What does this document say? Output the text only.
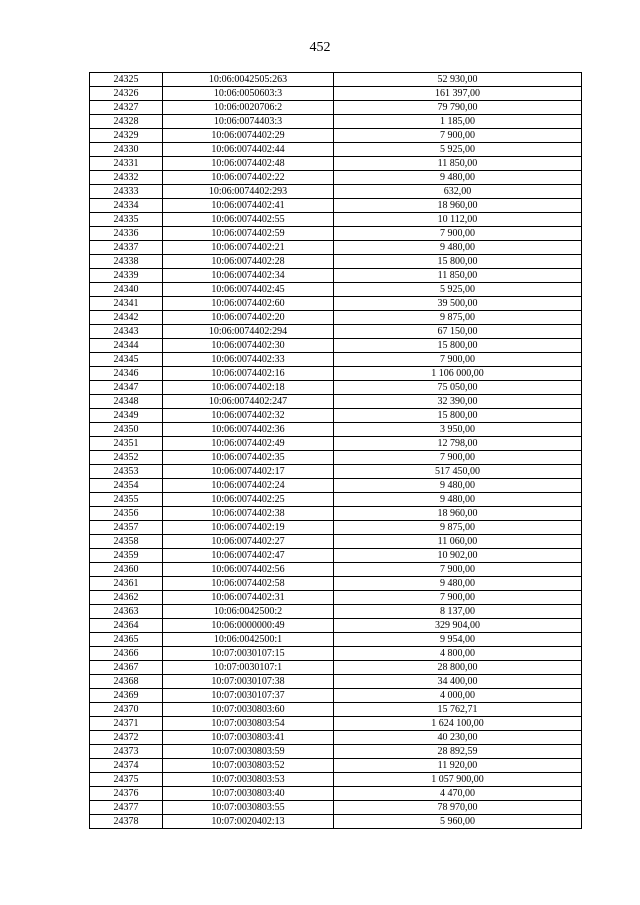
452
24325	10:06:0042505:263	52 930,00
24326	10:06:0050603:3	161 397,00
24327	10:06:0020706:2	79 790,00
24328	10:06:0074403:3	1 185,00
24329	10:06:0074402:29	7 900,00
24330	10:06:0074402:44	5 925,00
24331	10:06:0074402:48	11 850,00
24332	10:06:0074402:22	9 480,00
24333	10:06:0074402:293	632,00
24334	10:06:0074402:41	18 960,00
24335	10:06:0074402:55	10 112,00
24336	10:06:0074402:59	7 900,00
24337	10:06:0074402:21	9 480,00
24338	10:06:0074402:28	15 800,00
24339	10:06:0074402:34	11 850,00
24340	10:06:0074402:45	5 925,00
24341	10:06:0074402:60	39 500,00
24342	10:06:0074402:20	9 875,00
24343	10:06:0074402:294	67 150,00
24344	10:06:0074402:30	15 800,00
24345	10:06:0074402:33	7 900,00
24346	10:06:0074402:16	1 106 000,00
24347	10:06:0074402:18	75 050,00
24348	10:06:0074402:247	32 390,00
24349	10:06:0074402:32	15 800,00
24350	10:06:0074402:36	3 950,00
24351	10:06:0074402:49	12 798,00
24352	10:06:0074402:35	7 900,00
24353	10:06:0074402:17	517 450,00
24354	10:06:0074402:24	9 480,00
24355	10:06:0074402:25	9 480,00
24356	10:06:0074402:38	18 960,00
24357	10:06:0074402:19	9 875,00
24358	10:06:0074402:27	11 060,00
24359	10:06:0074402:47	10 902,00
24360	10:06:0074402:56	7 900,00
24361	10:06:0074402:58	9 480,00
24362	10:06:0074402:31	7 900,00
24363	10:06:0042500:2	8 137,00
24364	10:06:0000000:49	329 904,00
24365	10:06:0042500:1	9 954,00
24366	10:07:0030107:15	4 800,00
24367	10:07:0030107:1	28 800,00
24368	10:07:0030107:38	34 400,00
24369	10:07:0030107:37	4 000,00
24370	10:07:0030803:60	15 762,71
24371	10:07:0030803:54	1 624 100,00
24372	10:07:0030803:41	40 230,00
24373	10:07:0030803:59	28 892,59
24374	10:07:0030803:52	11 920,00
24375	10:07:0030803:53	1 057 900,00
24376	10:07:0030803:40	4 470,00
24377	10:07:0030803:55	78 970,00
24378	10:07:0020402:13	5 960,00
